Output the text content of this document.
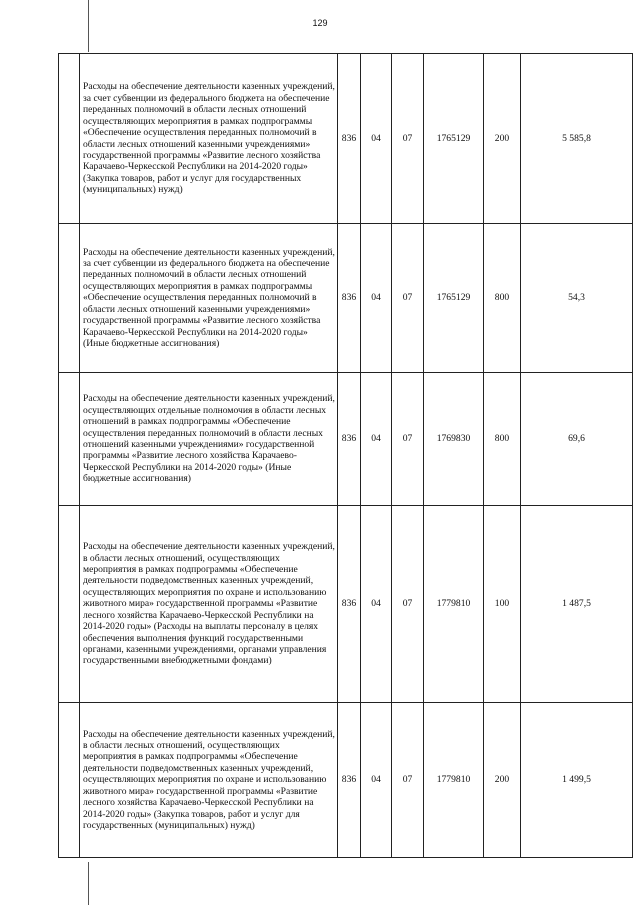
129
	Расходы на обеспечение деятельности казенных учреждений, за счет субвенции из федерального бюджета на обеспечение переданных полномочий в области лесных отношений осуществляющих мероприятия в рамках подпрограммы «Обеспечение осуществления переданных полномочий в области лесных отношений казенными учреждениями» государственной программы «Развитие лесного хозяйства Карачаево-Черкесской Республики на 2014-2020 годы» (Закупка товаров, работ и услуг для государственных (муниципальных) нужд)	836	04	07	1765129	200	5 585,8
	Расходы на обеспечение деятельности казенных учреждений, за счет субвенции из федерального бюджета на обеспечение переданных полномочий в области лесных отношений осуществляющих мероприятия в рамках подпрограммы «Обеспечение осуществления переданных полномочий в области лесных отношений казенными учреждениями» государственной программы «Развитие лесного хозяйства Карачаево-Черкесской Республики на 2014-2020 годы» (Иные бюджетные ассигнования)	836	04	07	1765129	800	54,3
	Расходы на обеспечение деятельности казенных учреждений, осуществляющих отдельные полномочия в области лесных отношений в рамках подпрограммы «Обеспечение осуществления переданных полномочий в области лесных отношений казенными учреждениями» государственной программы «Развитие лесного хозяйства Карачаево-Черкесской Республики на 2014-2020 годы» (Иные бюджетные ассигнования)	836	04	07	1769830	800	69,6
	Расходы на обеспечение деятельности казенных учреждений, в области лесных отношений, осуществляющих мероприятия в рамках подпрограммы «Обеспечение деятельности подведомственных казенных учреждений, осуществляющих мероприятия по охране и использованию животного мира» государственной программы «Развитие лесного хозяйства Карачаево-Черкесской Республики на 2014-2020 годы» (Расходы на выплаты персоналу в целях обеспечения выполнения функций государственными органами, казенными учреждениями, органами управления государственными внебюджетными фондами)	836	04	07	1779810	100	1 487,5
	Расходы на обеспечение деятельности казенных учреждений, в области лесных отношений, осуществляющих мероприятия в рамках подпрограммы «Обеспечение деятельности подведомственных казенных учреждений, осуществляющих мероприятия по охране и использованию животного мира» государственной программы «Развитие лесного хозяйства Карачаево-Черкесской Республики на 2014-2020 годы» (Закупка товаров, работ и услуг для государственных (муниципальных) нужд)	836	04	07	1779810	200	1 499,5
